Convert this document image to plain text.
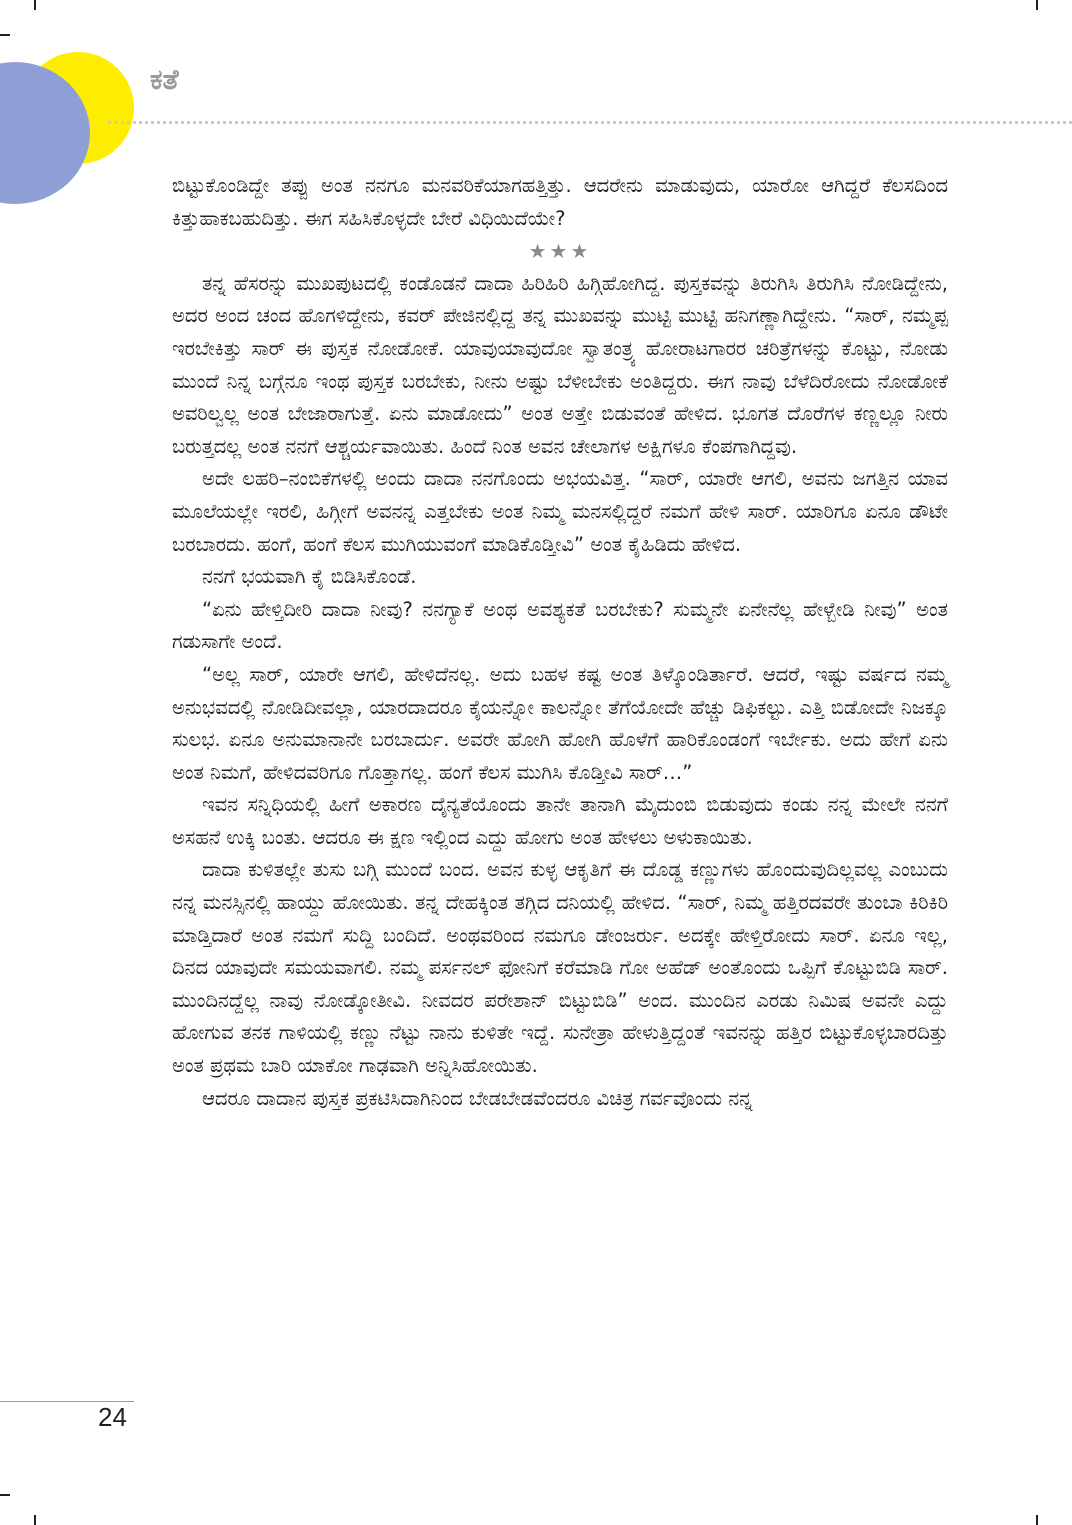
ಕತೆ

ಬಿಟ್ಟುಕೊಂಡಿದ್ದೇ ತಪ್ಪು ಅಂತ ನನಗೂ ಮನವರಿಕೆಯಾಗಹತ್ತಿತ್ತು. ಆದರೇನು ಮಾಡುವುದು, ಯಾರೋ ಆಗಿದ್ದರೆ ಕೆಲಸದಿಂದ ಕಿತ್ತುಹಾಕಬಹುದಿತ್ತು. ಈಗ ಸಹಿಸಿಕೊಳ್ಳದೇ ಬೇರೆ ವಿಧಿಯಿದೆಯೇ?

★★★

ತನ್ನ ಹೆಸರನ್ನು ಮುಖಪುಟದಲ್ಲಿ ಕಂಡೊಡನೆ ದಾದಾ ಹಿರಿಹಿರಿ ಹಿಗ್ಗಿಹೋಗಿದ್ದ. ಪುಸ್ತಕವನ್ನು ತಿರುಗಿಸಿ ತಿರುಗಿಸಿ ನೋಡಿದ್ದೇನು, ಅದರ ಅಂದ ಚಂದ ಹೊಗಳಿದ್ದೇನು, ಕವರ್ ಪೇಜಿನಲ್ಲಿದ್ದ ತನ್ನ ಮುಖವನ್ನು ಮುಟ್ಟಿ ಮುಟ್ಟಿ ಹನಿಗಣ್ಣಾಗಿದ್ದೇನು. “ಸಾರ್, ನಮ್ಮಪ್ಪ ಇರಬೇಕಿತ್ತು ಸಾರ್ ಈ ಪುಸ್ತಕ ನೋಡೋಕೆ. ಯಾವುಯಾವುದೋ ಸ್ವಾತಂತ್ರ್ಯ ಹೋರಾಟಗಾರರ ಚರಿತ್ರೆಗಳನ್ನು ಕೊಟ್ಟು, ನೋಡು ಮುಂದೆ ನಿನ್ನ ಬಗ್ಗೆನೂ ಇಂಥ ಪುಸ್ತಕ ಬರಬೇಕು, ನೀನು ಅಷ್ಟು ಬೆಳೀಬೇಕು ಅಂತಿದ್ದರು. ಈಗ ನಾವು ಬೆಳೆದಿರೋದು ನೋಡೋಕೆ ಅವರಿಲ್ವಲ್ಲ ಅಂತ ಬೇಜಾರಾಗುತ್ತೆ. ಏನು ಮಾಡೋದು” ಅಂತ ಅತ್ತೇ ಬಿಡುವಂತೆ ಹೇಳಿದ. ಭೂಗತ ದೊರೆಗಳ ಕಣ್ಣಲ್ಲೂ ನೀರು ಬರುತ್ತದಲ್ಲ ಅಂತ ನನಗೆ ಆಶ್ಚರ್ಯವಾಯಿತು. ಹಿಂದೆ ನಿಂತ ಅವನ ಚೇಲಾಗಳ ಅಕ್ಷಿಗಳೂ ಕೆಂಪಗಾಗಿದ್ದವು.

ಅದೇ ಲಹರಿ–ನಂಬಿಕೆಗಳಲ್ಲಿ ಅಂದು ದಾದಾ ನನಗೊಂದು ಅಭಯವಿತ್ತ. “ಸಾರ್, ಯಾರೇ ಆಗಲಿ, ಅವನು ಜಗತ್ತಿನ ಯಾವ ಮೂಲೆಯಲ್ಲೇ ಇರಲಿ, ಹಿಗ್ಗೀಗೆ ಅವನನ್ನ ಎತ್ತಬೇಕು ಅಂತ ನಿಮ್ಮ ಮನಸಲ್ಲಿದ್ದರೆ ನಮಗೆ ಹೇಳಿ ಸಾರ್. ಯಾರಿಗೂ ಏನೂ ಡೌಟೇ ಬರಬಾರದು. ಹಂಗೆ, ಹಂಗೆ ಕೆಲಸ ಮುಗಿಯುವಂಗೆ ಮಾಡಿಕೊಡ್ತೀವಿ” ಅಂತ ಕೈಹಿಡಿದು ಹೇಳಿದ.

ನನಗೆ ಭಯವಾಗಿ ಕೈ ಬಿಡಿಸಿಕೊಂಡೆ.

“ಏನು ಹೇಳ್ತಿದೀರಿ ದಾದಾ ನೀವು? ನನಗ್ಯಾಕೆ ಅಂಥ ಅವಶ್ಯಕತೆ ಬರಬೇಕು? ಸುಮ್ಮನೇ ಏನೇನೆಲ್ಲ ಹೇಳ್ಬೇಡಿ ನೀವು” ಅಂತ ಗಡುಸಾಗೇ ಅಂದೆ.

“ಅಲ್ಲ ಸಾರ್, ಯಾರೇ ಆಗಲಿ, ಹೇಳಿದೆನಲ್ಲ. ಅದು ಬಹಳ ಕಷ್ಟ ಅಂತ ತಿಳ್ಕೊಂಡಿರ್ತಾರೆ. ಆದರೆ, ಇಷ್ಟು ವರ್ಷದ ನಮ್ಮ ಅನುಭವದಲ್ಲಿ ನೋಡಿದೀವಲ್ಲಾ, ಯಾರದಾದರೂ ಕೈಯನ್ನೋ ಕಾಲನ್ನೋ ತೆಗೆಯೋದೇ ಹೆಚ್ಚು ಡಿಫಿಕಲ್ಟು. ಎತ್ತಿ ಬಿಡೋದೇ ನಿಜಕ್ಕೂ ಸುಲಭ. ಏನೂ ಅನುಮಾನಾನೇ ಬರಬಾರ್ದು. ಅವರೇ ಹೋಗಿ ಹೋಗಿ ಹೊಳೆಗೆ ಹಾರಿಕೊಂಡಂಗೆ ಇರ್ಬೇಕು. ಅದು ಹೇಗೆ ಏನು ಅಂತ ನಿಮಗೆ, ಹೇಳಿದವರಿಗೂ ಗೊತ್ತಾಗಲ್ಲ. ಹಂಗೆ ಕೆಲಸ ಮುಗಿಸಿ ಕೊಡ್ತೀವಿ ಸಾರ್…”

ಇವನ ಸನ್ನಿಧಿಯಲ್ಲಿ ಹೀಗೆ ಅಕಾರಣ ದೈನ್ಯತೆಯೊಂದು ತಾನೇ ತಾನಾಗಿ ಮೈದುಂಬಿ ಬಿಡುವುದು ಕಂಡು ನನ್ನ ಮೇಲೇ ನನಗೆ ಅಸಹನೆ ಉಕ್ಕಿ ಬಂತು. ಆದರೂ ಈ ಕ್ಷಣ ಇಲ್ಲಿಂದ ಎದ್ದು ಹೋಗು ಅಂತ ಹೇಳಲು ಅಳುಕಾಯಿತು.

ದಾದಾ ಕುಳಿತಲ್ಲೇ ತುಸು ಬಗ್ಗಿ ಮುಂದೆ ಬಂದ. ಅವನ ಕುಳ್ಳ ಆಕೃತಿಗೆ ಈ ದೊಡ್ಡ ಕಣ್ಣುಗಳು ಹೊಂದುವುದಿಲ್ಲವಲ್ಲ ಎಂಬುದು ನನ್ನ ಮನಸ್ಸಿನಲ್ಲಿ ಹಾಯ್ದು ಹೋಯಿತು. ತನ್ನ ದೇಹಕ್ಕಿಂತ ತಗ್ಗಿದ ದನಿಯಲ್ಲಿ ಹೇಳಿದ. “ಸಾರ್, ನಿಮ್ಮ ಹತ್ತಿರದವರೇ ತುಂಬಾ ಕಿರಿಕಿರಿ ಮಾಡ್ತಿದಾರೆ ಅಂತ ನಮಗೆ ಸುದ್ದಿ ಬಂದಿದೆ. ಅಂಥವರಿಂದ ನಮಗೂ ಡೇಂಜರ್ರು. ಅದಕ್ಕೇ ಹೇಳ್ತಿರೋದು ಸಾರ್. ಏನೂ ಇಲ್ಲ, ದಿನದ ಯಾವುದೇ ಸಮಯವಾಗಲಿ. ನಮ್ಮ ಪರ್ಸನಲ್ ಫೋನಿಗೆ ಕರೆಮಾಡಿ ಗೋ ಅಹೆಡ್ ಅಂತೊಂದು ಒಪ್ಪಿಗೆ ಕೊಟ್ಟುಬಿಡಿ ಸಾರ್. ಮುಂದಿನದ್ದೆಲ್ಲ ನಾವು ನೋಡ್ಕೋತೀವಿ. ನೀವದರ ಪರೇಶಾನ್ ಬಿಟ್ಟುಬಿಡಿ” ಅಂದ. ಮುಂದಿನ ಎರಡು ನಿಮಿಷ ಅವನೇ ಎದ್ದು ಹೋಗುವ ತನಕ ಗಾಳಿಯಲ್ಲಿ ಕಣ್ಣು ನೆಟ್ಟು ನಾನು ಕುಳಿತೇ ಇದ್ದೆ. ಸುನೇತ್ರಾ ಹೇಳುತ್ತಿದ್ದಂತೆ ಇವನನ್ನು ಹತ್ತಿರ ಬಿಟ್ಟುಕೊಳ್ಳಬಾರದಿತ್ತು ಅಂತ ಪ್ರಥಮ ಬಾರಿ ಯಾಕೋ ಗಾಢವಾಗಿ ಅನ್ನಿಸಿಹೋಯಿತು.

ಆದರೂ ದಾದಾನ ಪುಸ್ತಕ ಪ್ರಕಟಿಸಿದಾಗಿನಿಂದ ಬೇಡಬೇಡವೆಂದರೂ ವಿಚಿತ್ರ ಗರ್ವವೊಂದು ನನ್ನ

24
